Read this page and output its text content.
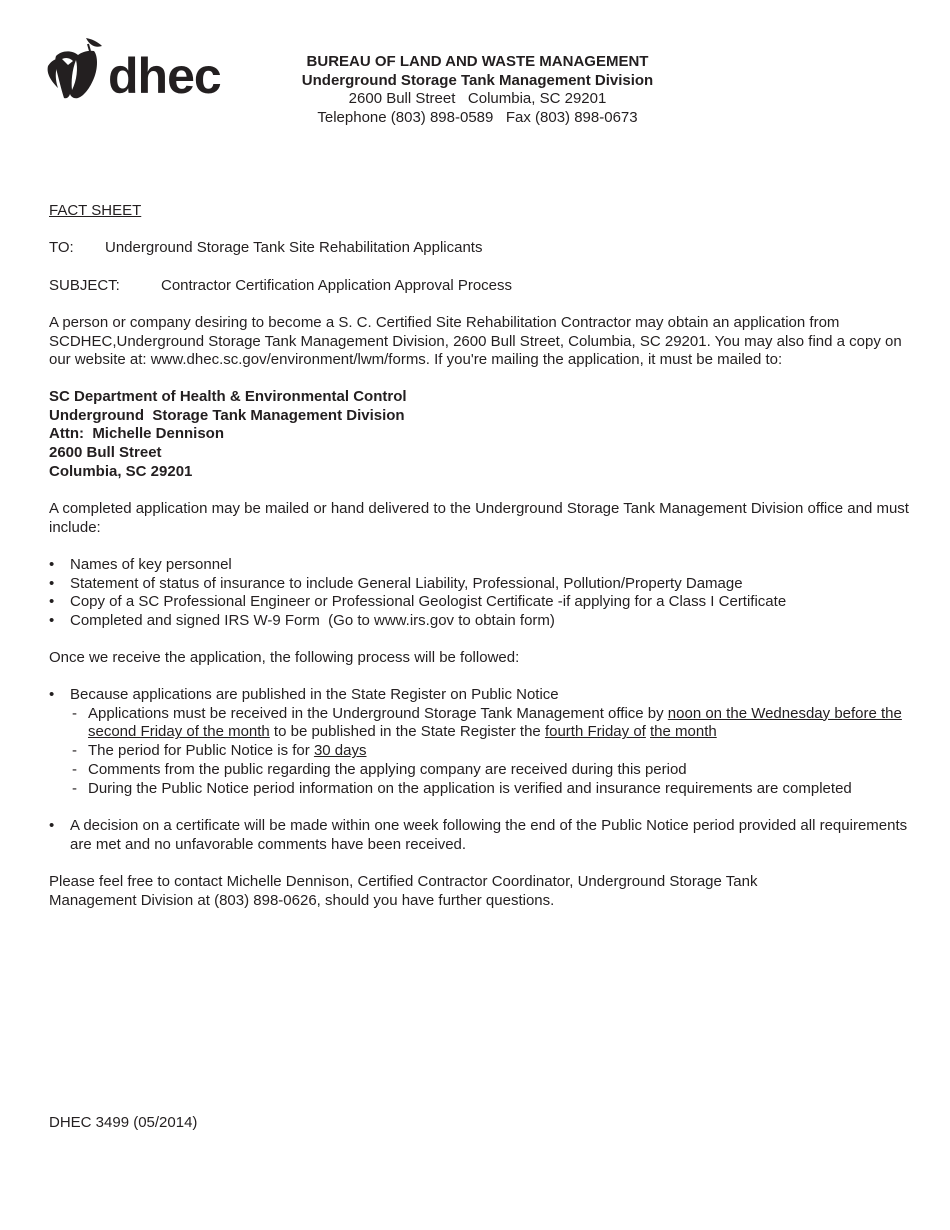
dhec	BUREAU OF LAND AND WASTE MANAGEMENT
Underground Storage Tank Management Division
2600 Bull Street   Columbia, SC 29201
Telephone (803) 898-0589   Fax (803) 898-0673
FACT SHEET
TO: Underground Storage Tank Site Rehabilitation Applicants
SUBJECT:	Contractor Certification Application Approval Process

A person or company desiring to become a S. C. Certified Site Rehabilitation Contractor may obtain an application from SCDHEC,Underground Storage Tank Management Division, 2600 Bull Street, Columbia, SC 29201. You may also find a copy on our website at: www.dhec.sc.gov/environment/lwm/forms. If you're mailing the application, it must be mailed to:

SC Department of Health & Environmental Control
Underground  Storage Tank Management Division
Attn:  Michelle Dennison
2600 Bull Street
Columbia, SC 29201

A completed application may be mailed or hand delivered to the Underground Storage Tank Management Division office and must include:

• Names of key personnel
• Statement of status of insurance to include General Liability, Professional, Pollution/Property Damage
• Copy of a SC Professional Engineer or Professional Geologist Certificate -if applying for a Class I Certificate
• Completed and signed IRS W-9 Form  (Go to www.irs.gov to obtain form)

Once we receive the application, the following process will be followed:

• Because applications are published in the State Register on Public Notice
- Applications must be received in the Underground Storage Tank Management office by noon on the Wednesday before the second Friday of the month to be published in the State Register the fourth Friday of the month
- The period for Public Notice is for 30 days
- Comments from the public regarding the applying company are received during this period
- During the Public Notice period information on the application is verified and insurance requirements are completed
• A decision on a certificate will be made within one week following the end of the Public Notice period provided all requirements are met and no unfavorable comments have been received.

Please feel free to contact Michelle Dennison, Certified Contractor Coordinator, Underground Storage Tank Management Division at (803) 898-0626, should you have further questions.

DHEC 3499 (05/2014)
